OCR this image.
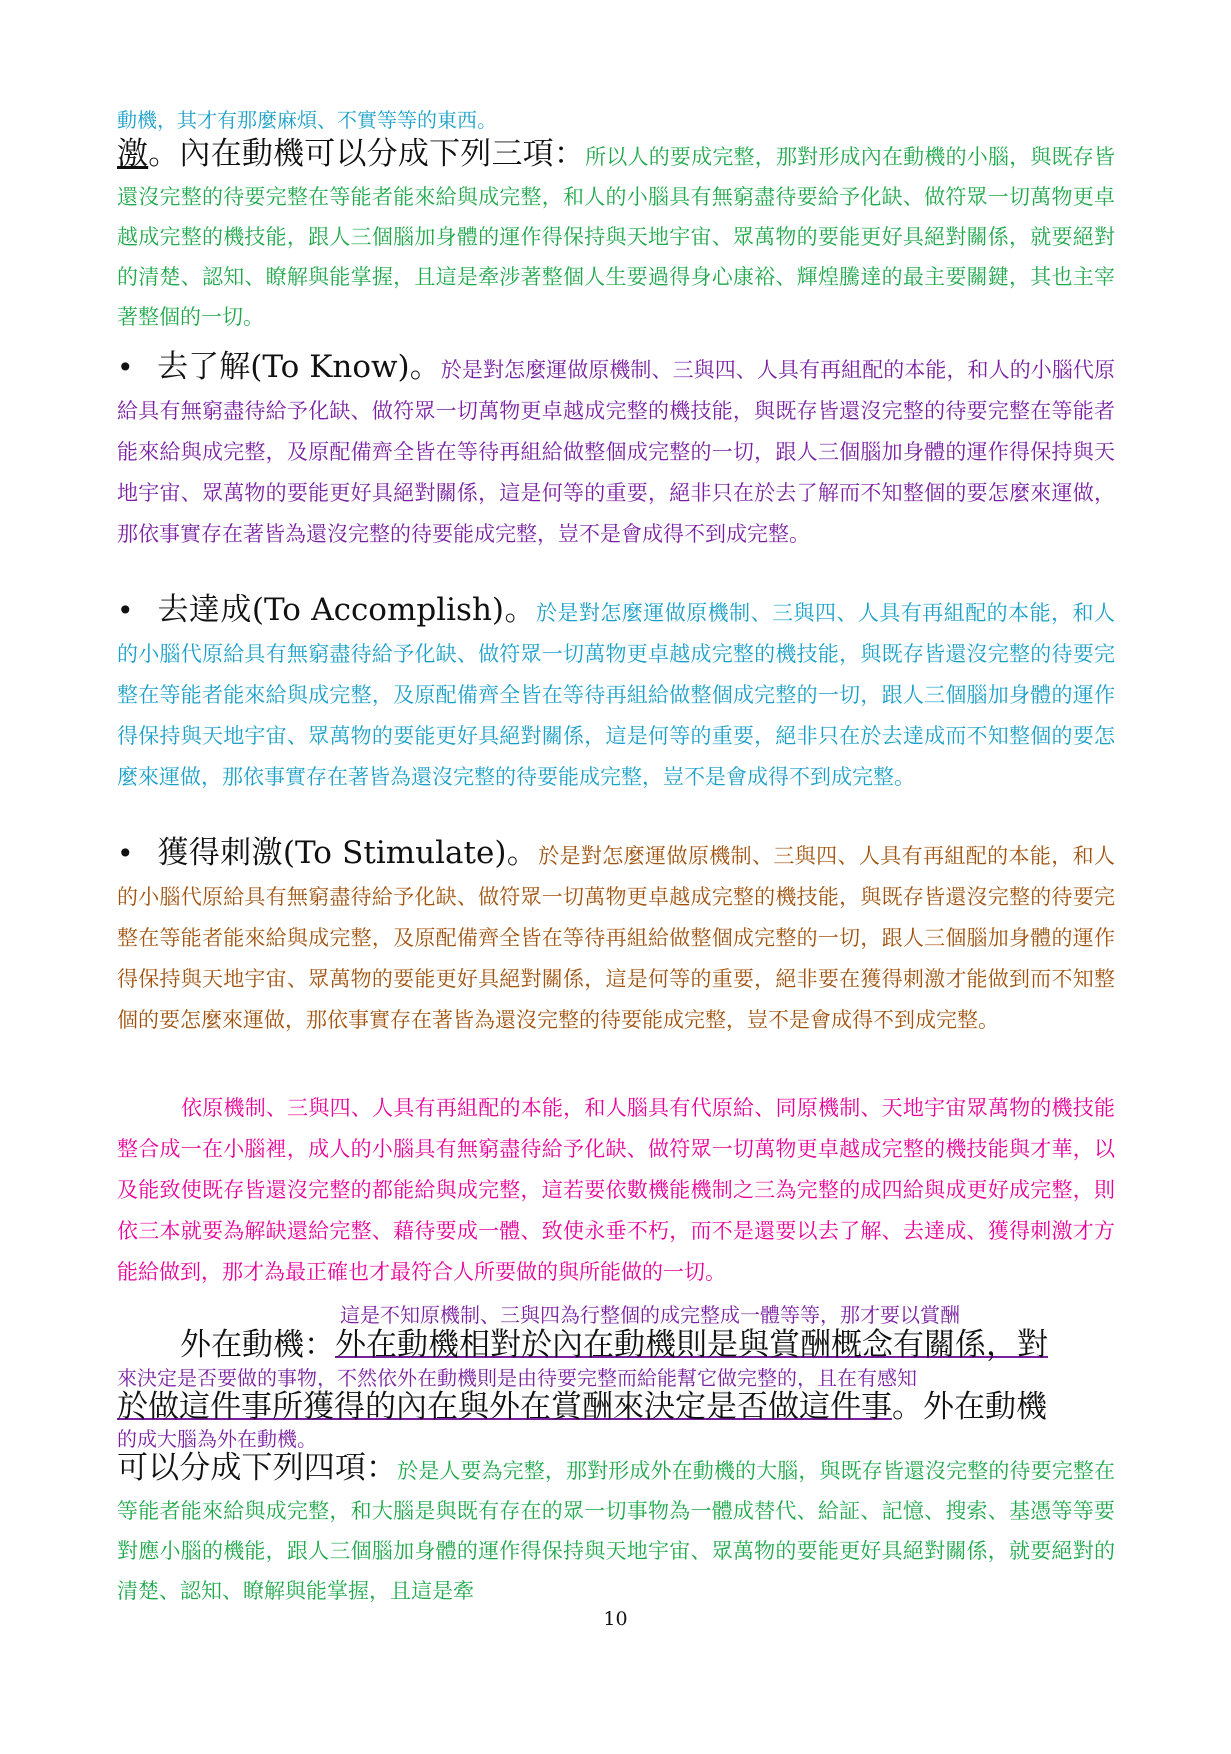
動機，其才有那麼麻煩、不實等等的東西。

激。內在動機可以分成下列三項：所以人的要成完整，那對形成內在動機的小腦，與既存皆還沒完整的待要完整在等能者能來給與成完整，和人的小腦具有無窮盡待要給予化缺、做符眾一切萬物更卓越成完整的機技能，跟人三個腦加身體的運作得保持與天地宇宙、眾萬物的要能更好具絕對關係，就要絕對的清楚、認知、瞭解與能掌握，且這是牽涉著整個人生要過得身心康裕、輝煌騰達的最主要關鍵，其也主宰著整個的一切。

• 去了解(To Know)。於是對怎麼運做原機制、三與四、人具有再組配的本能，和人的小腦代原給具有無窮盡待給予化缺、做符眾一切萬物更卓越成完整的機技能，與既存皆還沒完整的待要完整在等能者能來給與成完整，及原配備齊全皆在等待再組給做整個成完整的一切，跟人三個腦加身體的運作得保持與天地宇宙、眾萬物的要能更好具絕對關係，這是何等的重要，絕非只在於去了解而不知整個的要怎麼來運做，那依事實存在著皆為還沒完整的待要能成完整，豈不是會成得不到成完整。

• 去達成(To Accomplish)。於是對怎麼運做原機制、三與四、人具有再組配的本能，和人的小腦代原給具有無窮盡待給予化缺、做符眾一切萬物更卓越成完整的機技能，與既存皆還沒完整的待要完整在等能者能來給與成完整，及原配備齊全皆在等待再組給做整個成完整的一切，跟人三個腦加身體的運作得保持與天地宇宙、眾萬物的要能更好具絕對關係，這是何等的重要，絕非只在於去達成而不知整個的要怎麼來運做，那依事實存在著皆為還沒完整的待要能成完整，豈不是會成得不到成完整。

• 獲得刺激(To Stimulate)。於是對怎麼運做原機制、三與四、人具有再組配的本能，和人的小腦代原給具有無窮盡待給予化缺、做符眾一切萬物更卓越成完整的機技能，與既存皆還沒完整的待要完整在等能者能來給與成完整，及原配備齊全皆在等待再組給做整個成完整的一切，跟人三個腦加身體的運作得保持與天地宇宙、眾萬物的要能更好具絕對關係，這是何等的重要，絕非要在獲得刺激才能做到而不知整個的要怎麼來運做，那依事實存在著皆為還沒完整的待要能成完整，豈不是會成得不到成完整。

依原機制、三與四、人具有再組配的本能，和人腦具有代原給、同原機制、天地宇宙眾萬物的機技能整合成一在小腦裡，成人的小腦具有無窮盡待給予化缺、做符眾一切萬物更卓越成完整的機技能與才華，以及能致使既存皆還沒完整的都能給與成完整，這若要依數機能機制之三為完整的成四給與成更好成完整，則依三本就要為解缺還給完整、藉待要成一體、致使永垂不朽，而不是還要以去了解、去達成、獲得刺激才方能給做到，那才為最正確也才最符合人所要做的與所能做的一切。

這是不知原機制、三與四為行整個的成完整成一體等等，那才要以賞酬
外在動機：外在動機相對於內在動機則是與賞酬概念有關係，對
來決定是否要做的事物，不然依外在動機則是由待要完整而給能幫它做完整的，且在有感知
於做這件事所獲得的內在與外在賞酬來決定是否做這件事。外在動機
的成大腦為外在動機。

可以分成下列四項：於是人要為完整，那對形成外在動機的大腦，與既存皆還沒完整的待要完整在等能者能來給與成完整，和大腦是與既有存在的眾一切事物為一體成替代、給証、記憶、搜索、基憑等等要對應小腦的機能，跟人三個腦加身體的運作得保持與天地宇宙、眾萬物的要能更好具絕對關係，就要絕對的清楚、認知、瞭解與能掌握，且這是牽

10
